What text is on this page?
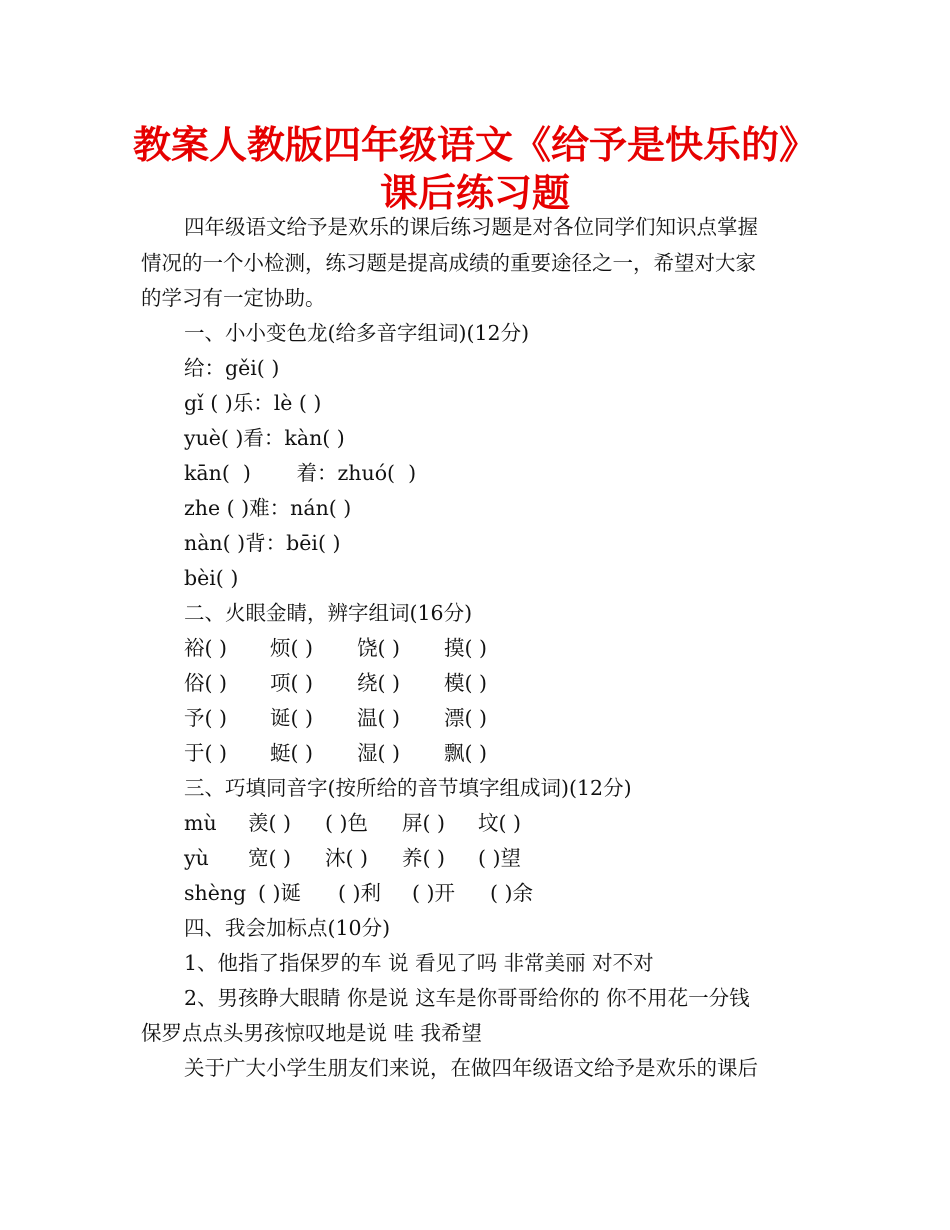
教案人教版四年级语文《给予是快乐的》
课后练习题
四年级语文给予是欢乐的课后练习题是对各位同学们知识点掌握
情况的一个小检测，练习题是提高成绩的重要途径之一，希望对大家
的学习有一定协助。
一、小小变色龙(给多音字组词)(12分)
给：gěi( )
gǐ ( )乐：lè ( )
yuè( )看：kàn( )
kān(  )       着：zhuó(  )
zhe ( )难：nán( )
nàn( )背：bēi( )
bèi( )
二、火眼金睛，辨字组词(16分)
裕( ) 烦( ) 饶( ) 摸( )
俗( ) 项( ) 绕( ) 模( )
予( ) 诞( ) 温( ) 漂( )
于( ) 蜓( ) 湿( ) 飘( )
三、巧填同音字(按所给的音节填字组成词)(12分)
mù 羡( ) ( )色 屏( ) 坟( )
yù 宽( ) 沐( ) 养( ) ( )望
shèng ( )诞 ( )利 ( )开 ( )余
四、我会加标点(10分)
1、他指了指保罗的车 说 看见了吗 非常美丽 对不对
2、男孩睁大眼睛 你是说 这车是你哥哥给你的 你不用花一分钱
保罗点点头男孩惊叹地是说 哇 我希望
关于广大小学生朋友们来说，在做四年级语文给予是欢乐的课后
